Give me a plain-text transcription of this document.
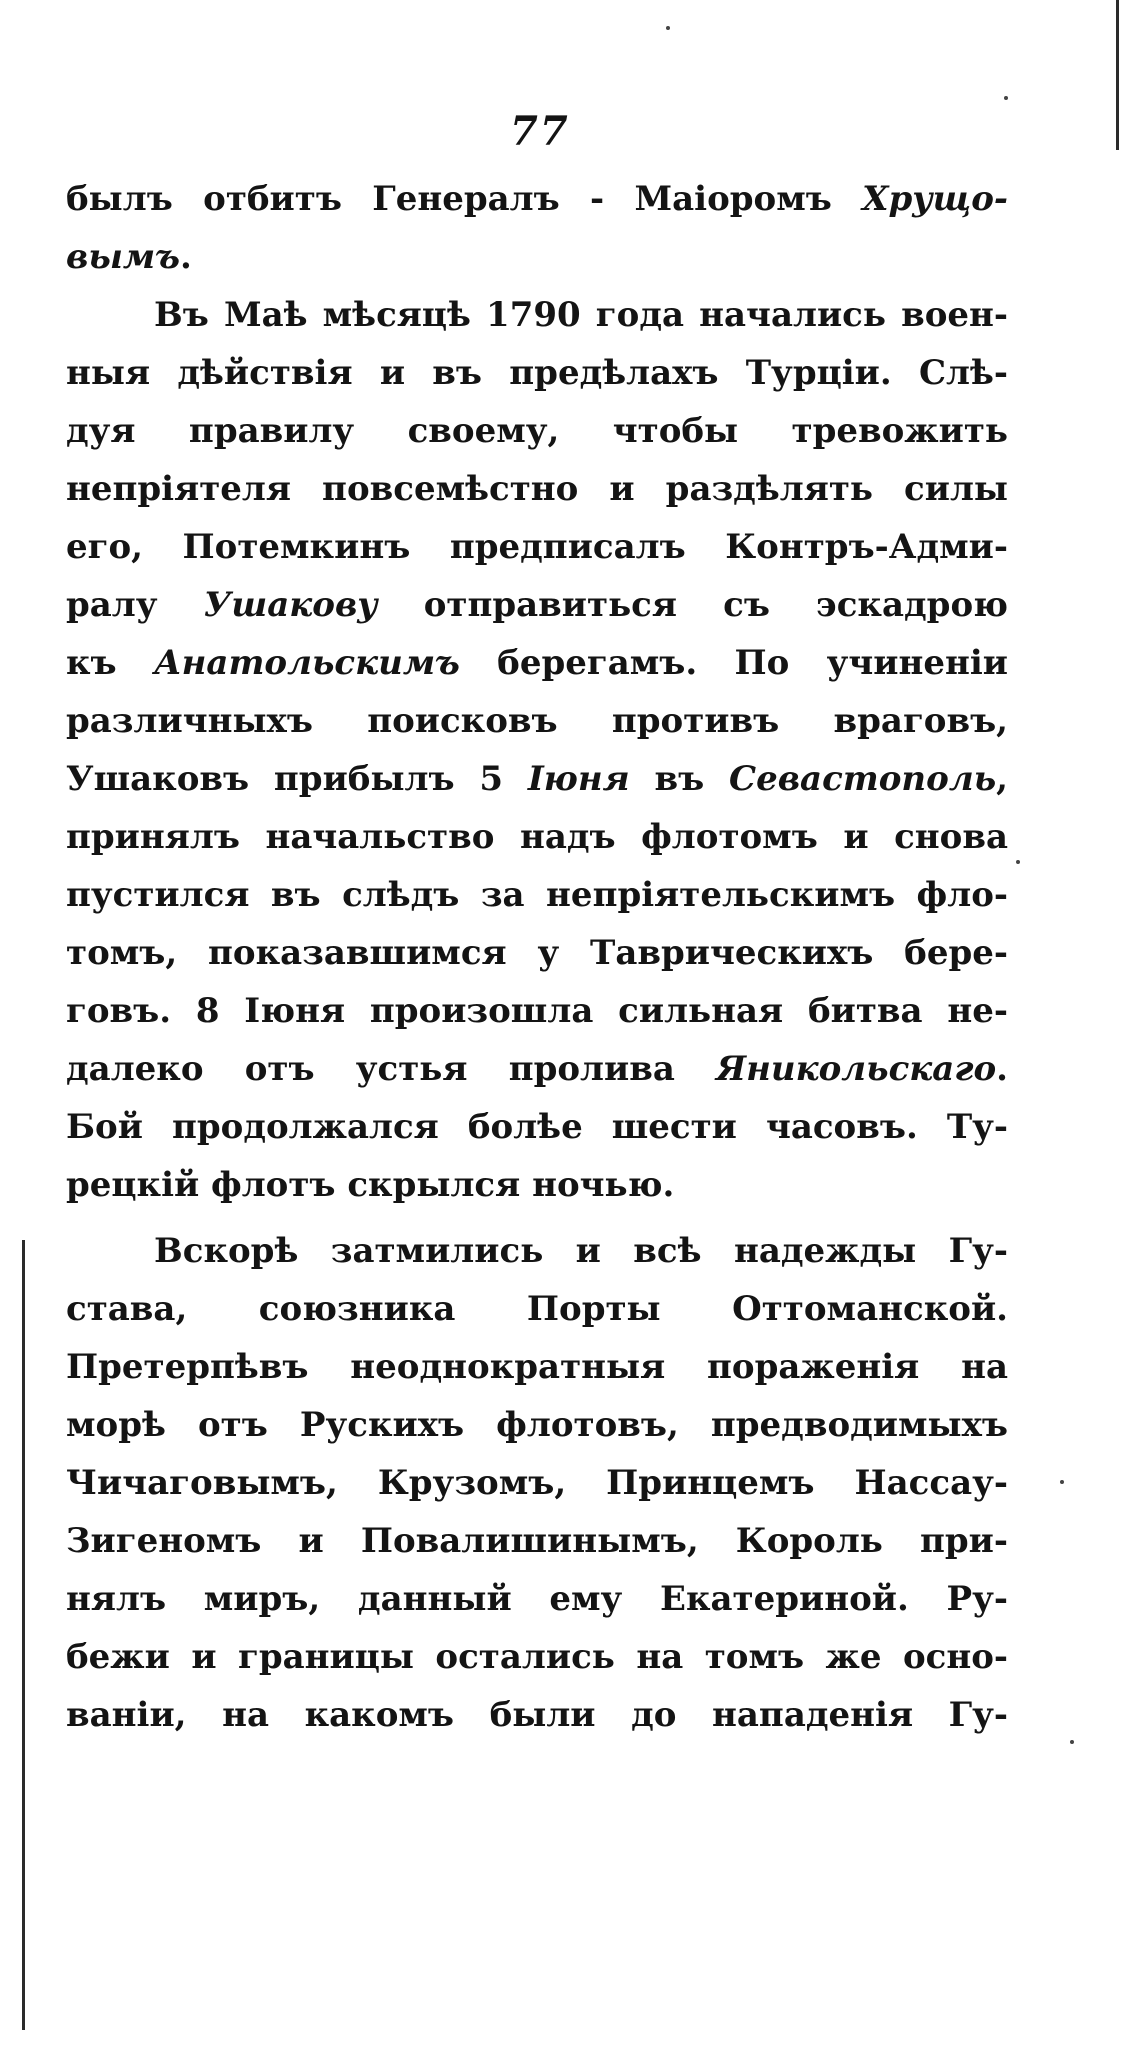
77
былъ отбитъ Генералъ - Маіоромъ Хрущо-
вымъ.
Въ Маѣ мѣсяцѣ 1790 года начались воен-
ныя дѣйствія и въ предѣлахъ Турціи. Слѣ-
дуя правилу своему, чтобы тревожить
непріятеля повсемѣстно и раздѣлять силы
его, Потемкинъ предписалъ Контръ-Адми-
ралу Ушакову отправиться съ эскадрою
къ Анатольскимъ берегамъ. По учиненіи
различныхъ поисковъ противъ враговъ,
Ушаковъ прибылъ 5 Іюня въ Севастополь,
принялъ начальство надъ флотомъ и снова
пустился въ слѣдъ за непріятельскимъ фло-
томъ, показавшимся у Таврическихъ бере-
говъ. 8 Іюня произошла сильная битва не-
далеко отъ устья пролива Яникольскаго.
Бой продолжался болѣе шести часовъ. Ту-
рецкій флотъ скрылся ночью.
Вскорѣ затмились и всѣ надежды Гу-
става, союзника Порты Оттоманской.
Претерпѣвъ неоднократныя пораженія на
морѣ отъ Рускихъ флотовъ, предводимыхъ
Чичаговымъ, Крузомъ, Принцемъ Нассау-
Зигеномъ и Повалишинымъ, Король при-
нялъ миръ, данный ему Екатериной. Ру-
бежи и границы остались на томъ же осно-
ваніи, на какомъ были до нападенія Гу-
